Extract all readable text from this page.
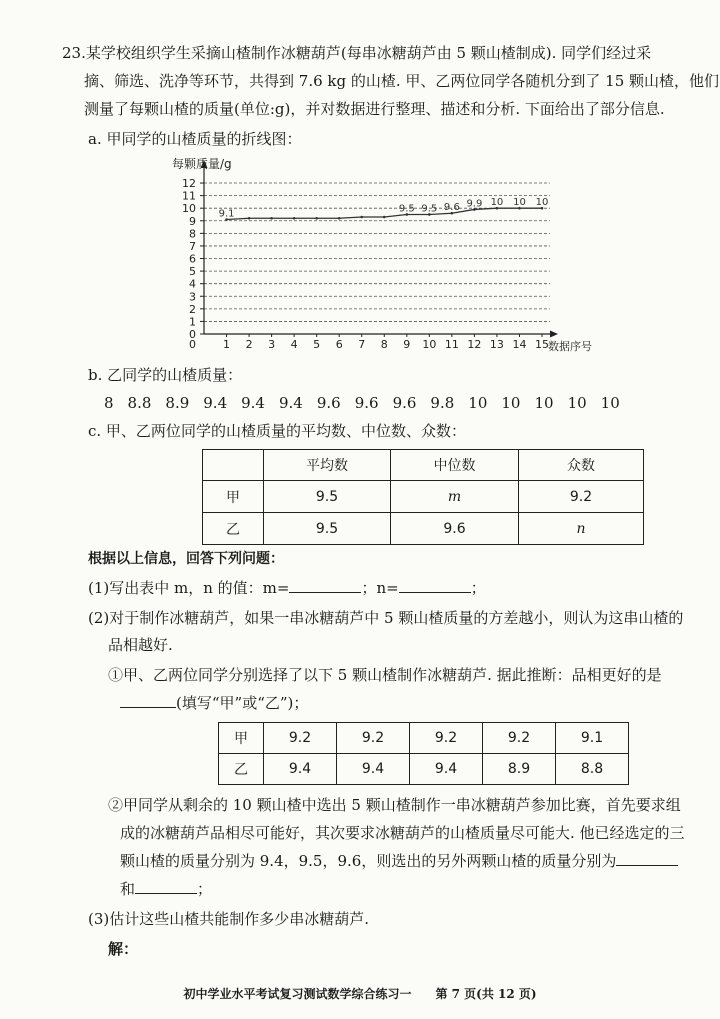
23.某学校组织学生采摘山楂制作冰糖葫芦(每串冰糖葫芦由 5 颗山楂制成). 同学们经过采
摘、筛选、洗净等环节，共得到 7.6 kg 的山楂. 甲、乙两位同学各随机分到了 15 颗山楂，他们
测量了每颗山楂的质量(单位:g)，并对数据进行整理、描述和分析. 下面给出了部分信息.
a. 甲同学的山楂质量的折线图：
0
1
2
3
4
5
6
7
8
9
10
11
12
0 1 2 3 4 5 6 7 8 9 10 11 12 13 14 15
9.1	9.5 9.5 9.6 9.9 10 10 10
每颗质量/g
数据序号
b. 乙同学的山楂质量：
8 8.8 8.9 9.4 9.4 9.4 9.6 9.6 9.6 9.8 10 10 10 10 10
c. 甲、乙两位同学的山楂质量的平均数、中位数、众数：
	平均数	中位数	众数
甲	9.5	m	9.2
乙	9.5	9.6	n
根据以上信息，回答下列问题：
(1)写出表中 m，n 的值：m=	；n=	；
(2)对于制作冰糖葫芦，如果一串冰糖葫芦中 5 颗山楂质量的方差越小，则认为这串山楂的
品相越好.
①甲、乙两位同学分别选择了以下 5 颗山楂制作冰糖葫芦. 据此推断：品相更好的是
(填写“甲”或“乙”)；
甲	9.2	9.2	9.2	9.2	9.1
乙	9.4	9.4	9.4	8.9	8.8
②甲同学从剩余的 10 颗山楂中选出 5 颗山楂制作一串冰糖葫芦参加比赛，首先要求组
成的冰糖葫芦品相尽可能好，其次要求冰糖葫芦的山楂质量尽可能大. 他已经选定的三
颗山楂的质量分别为 9.4，9.5，9.6，则选出的另外两颗山楂的质量分别为
和	；
(3)估计这些山楂共能制作多少串冰糖葫芦.
解：
初中学业水平考试复习测试数学综合练习一　　第 7 页(共 12 页)
